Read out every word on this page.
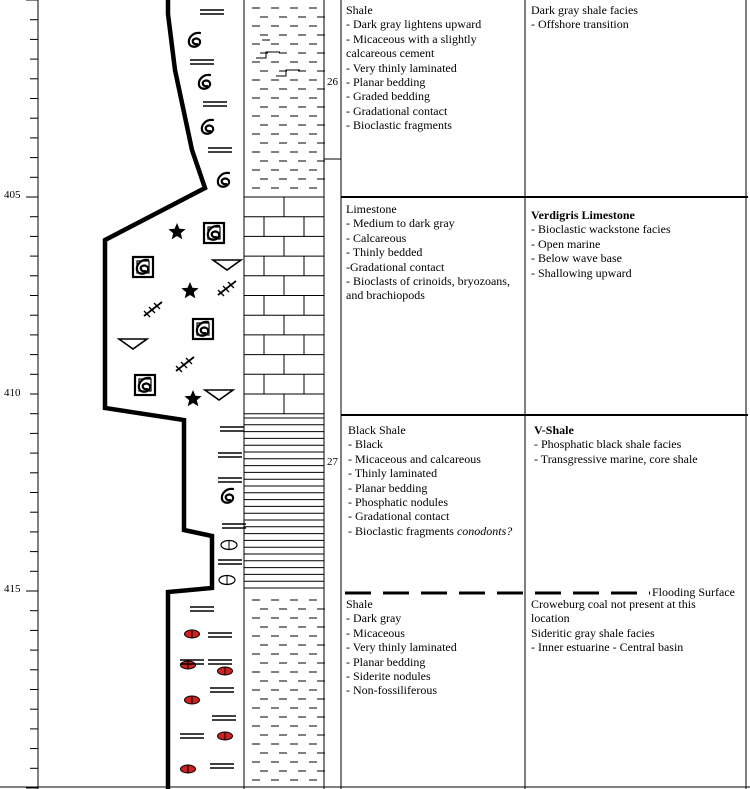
405
410
415
26
27
Flooding Surface
Shale
- Dark gray lightens upward
- Micaceous with a slightly
calcareous cement
- Very thinly laminated
- Planar bedding
- Graded bedding
- Gradational contact
- Bioclastic fragments
Dark gray shale facies
- Offshore transition
Limestone
- Medium to dark gray
- Calcareous
- Thinly bedded
-Gradational contact
- Bioclasts of crinoids, bryozoans,
and brachiopods
Verdigris Limestone
- Bioclastic wackstone facies
- Open marine
- Below wave base
- Shallowing upward
Black Shale
- Black
- Micaceous and calcareous
- Thinly laminated
- Planar bedding
- Phosphatic nodules
- Gradational contact
- Bioclastic fragments conodonts?
V-Shale
- Phosphatic black shale facies
- Transgressive marine, core shale
Shale
- Dark gray
- Micaceous
- Very thinly laminated
- Planar bedding
- Siderite nodules
- Non-fossiliferous
Croweburg coal not present at this
location
Sideritic gray shale facies
- Inner estuarine - Central basin
